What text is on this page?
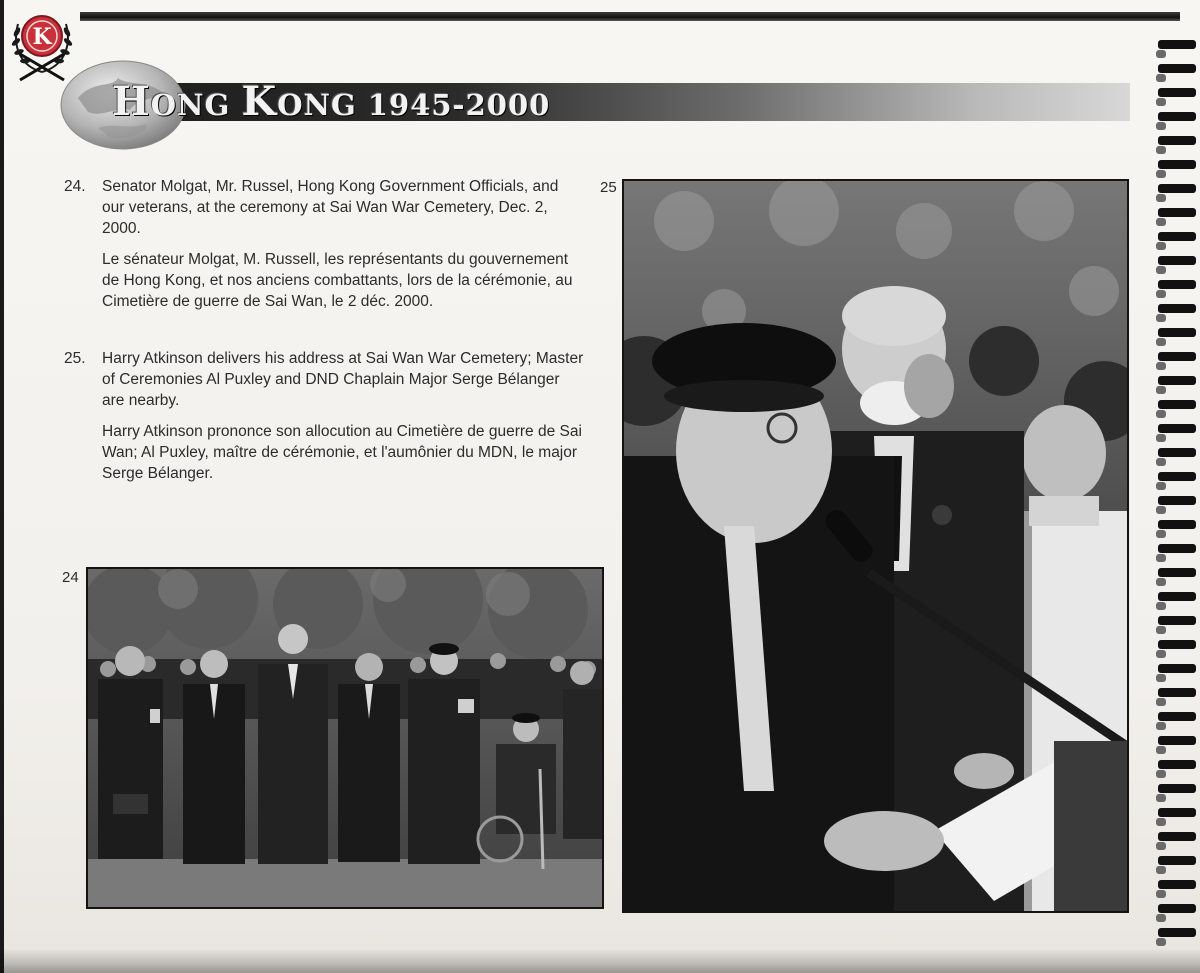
K
HONG KONG 1945-2000
24. Senator Molgat, Mr. Russel, Hong Kong Government Officials, and our veterans, at the ceremony at Sai Wan War Cemetery, Dec. 2, 2000.
Le sénateur Molgat, M. Russell, les représentants du gouvernement de Hong Kong, et nos anciens combattants, lors de la cérémonie, au Cimetière de guerre de Sai Wan, le 2 déc. 2000.
25. Harry Atkinson delivers his address at Sai Wan War Cemetery; Master of Ceremonies Al Puxley and DND Chaplain Major Serge Bélanger are nearby.
Harry Atkinson prononce son allocution au Cimetière de guerre de Sai Wan; Al Puxley, maître de cérémonie, et l'aumônier du MDN, le major Serge Bélanger.
24
25
